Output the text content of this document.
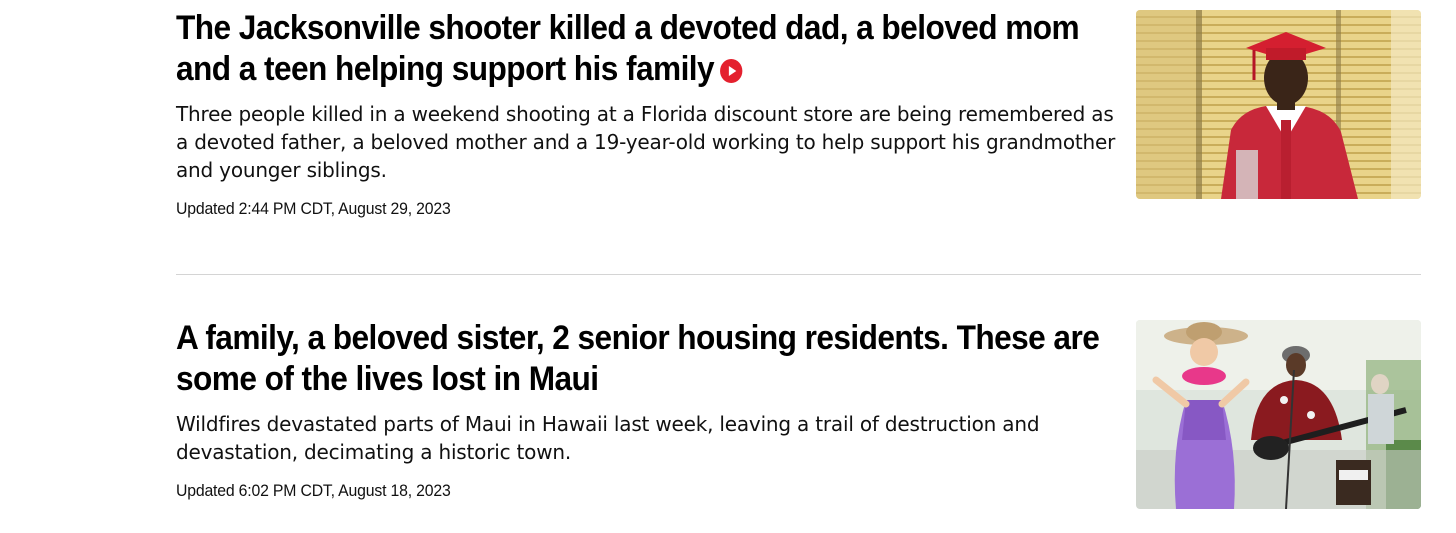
The Jacksonville shooter killed a devoted dad, a beloved mom and a teen helping support his family

Three people killed in a weekend shooting at a Florida discount store are being remembered as a devoted father, a beloved mother and a 19-year-old working to help support his grandmother and younger siblings.

Updated 2:44 PM CDT, August 29, 2023
A family, a beloved sister, 2 senior housing residents. These are some of the lives lost in Maui

Wildfires devastated parts of Maui in Hawaii last week, leaving a trail of destruction and devastation, decimating a historic town.

Updated 6:02 PM CDT, August 18, 2023
